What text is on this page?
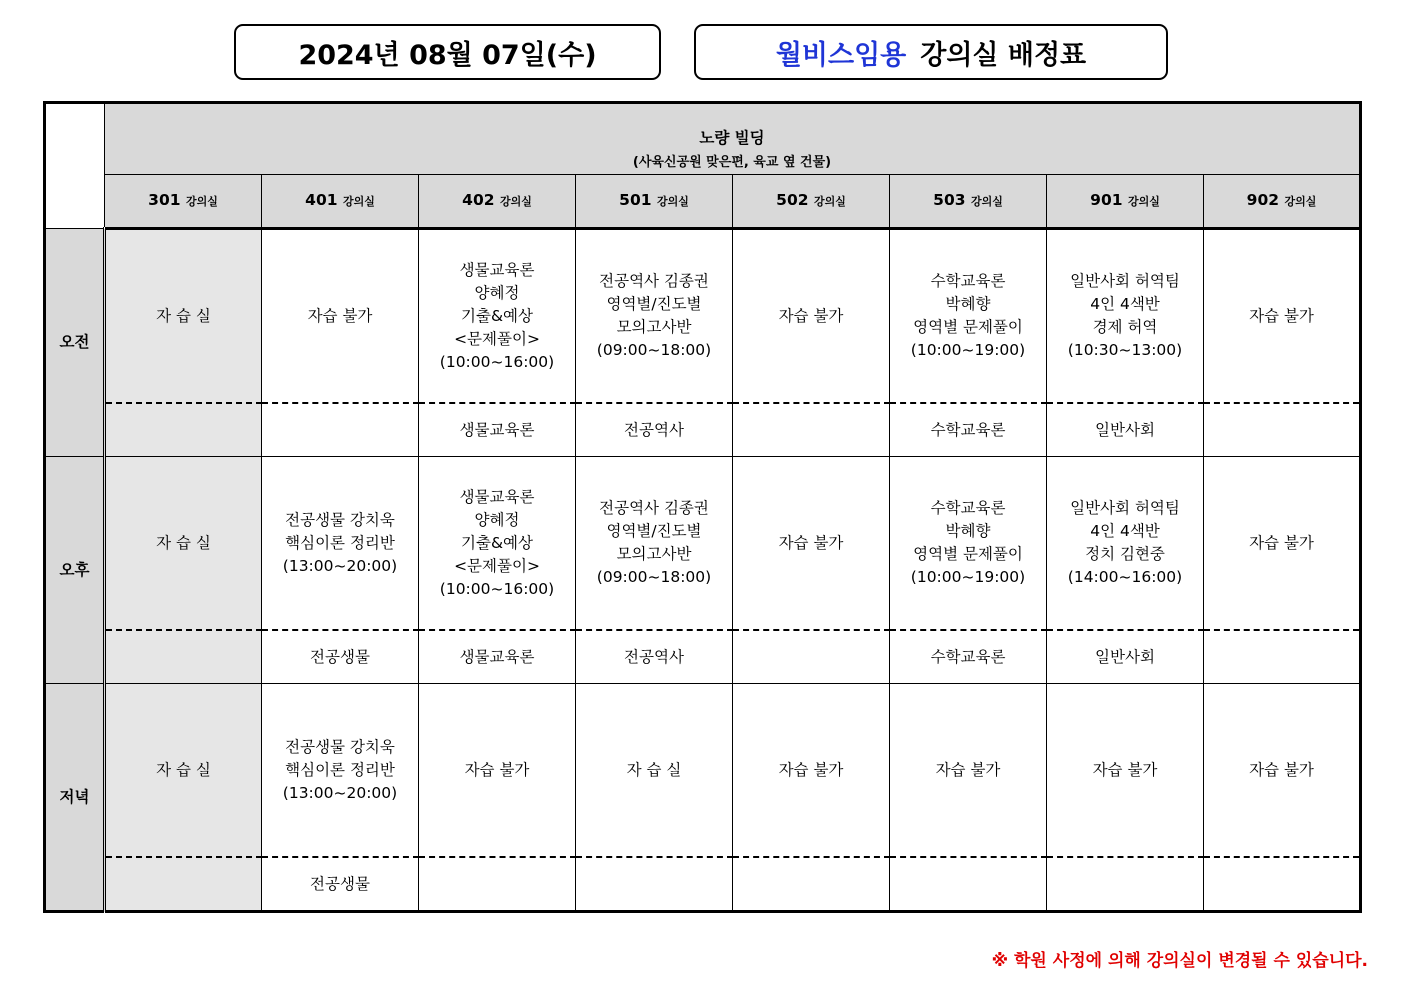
2024년 08월 07일(수)	월비스임용 강의실 배정표

노량 빌딩
(사육신공원 맞은편, 육교 옆 건물)							

	301 강의실	401 강의실	402 강의실	501 강의실	502 강의실	503 강의실	901 강의실	902 강의실
오전	자 습 실	자습 불가	생물교육론
양혜정
기출&예상
<문제풀이>
(10:00~16:00)	전공역사 김종권
영역별/진도별
모의고사반
(09:00~18:00)	자습 불가	수학교육론
박혜향
영역별 문제풀이
(10:00~19:00)	일반사회 허역팀
4인 4색반
경제 허역
(10:30~13:00)	자습 불가
			생물교육론	전공역사		수학교육론	일반사회	
오후	자 습 실	전공생물 강치욱
핵심이론 정리반
(13:00~20:00)	생물교육론
양혜정
기출&예상
<문제풀이>
(10:00~16:00)	전공역사 김종권
영역별/진도별
모의고사반
(09:00~18:00)	자습 불가	수학교육론
박혜향
영역별 문제풀이
(10:00~19:00)	일반사회 허역팀
4인 4색반
정치 김현중
(14:00~16:00)	자습 불가
		전공생물	생물교육론	전공역사		수학교육론	일반사회	
저녁	자 습 실	전공생물 강치욱
핵심이론 정리반
(13:00~20:00)	자습 불가	자 습 실	자습 불가	자습 불가	자습 불가	자습 불가
		전공생물						
※ 학원 사정에 의해 강의실이 변경될 수 있습니다.
